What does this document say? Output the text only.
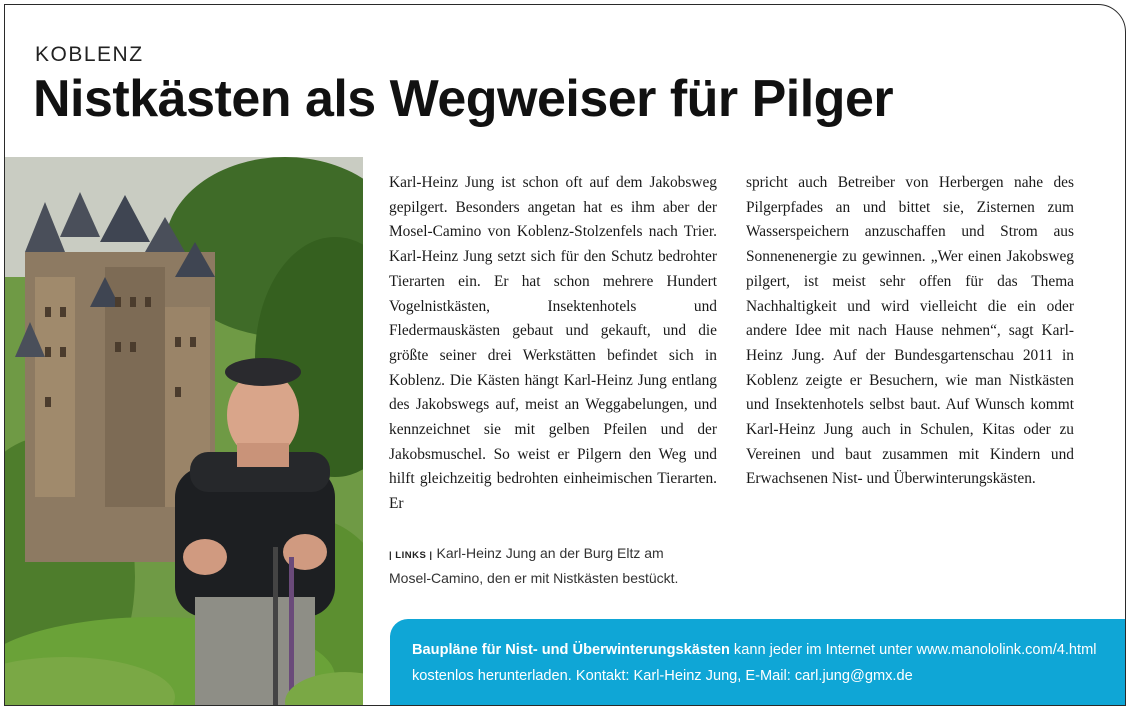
KOBLENZ
Nistkästen als Wegweiser für Pilger

Karl-Heinz Jung ist schon oft auf dem Jakobsweg gepilgert. Besonders angetan hat es ihm aber der Mosel-Camino von Koblenz-Stolzenfels nach Trier. Karl-Heinz Jung setzt sich für den Schutz bedrohter Tierarten ein. Er hat schon mehrere Hundert Vogelnistkästen, Insektenhotels und Fledermauskästen gebaut und gekauft, und die größte seiner drei Werkstätten befindet sich in Koblenz. Die Kästen hängt Karl-Heinz Jung entlang des Jakobswegs auf, meist an Weggabelungen, und kennzeichnet sie mit gelben Pfeilen und der Jakobsmuschel. So weist er Pilgern den Weg und hilft gleichzeitig bedrohten einheimischen Tierarten. Er

spricht auch Betreiber von Herbergen nahe des Pilgerpfades an und bittet sie, Zisternen zum Wasserspeichern anzuschaffen und Strom aus Sonnenenergie zu gewinnen. „Wer einen Jakobsweg pilgert, ist meist sehr offen für das Thema Nachhaltigkeit und wird vielleicht die ein oder andere Idee mit nach Hause nehmen“, sagt Karl-Heinz Jung. Auf der Bundesgartenschau 2011 in Koblenz zeigte er Besuchern, wie man Nistkästen und Insektenhotels selbst baut. Auf Wunsch kommt Karl-Heinz Jung auch in Schulen, Kitas oder zu Vereinen und baut zusammen mit Kindern und Erwachsenen Nist- und Überwinterungskästen.

| LINKS | Karl-Heinz Jung an der Burg Eltz am Mosel-Camino, den er mit Nistkästen bestückt.
Baupläne für Nist- und Überwinterungskästen kann jeder im Internet unter www.manololink.com/4.html kostenlos herunterladen. Kontakt: Karl-Heinz Jung, E-Mail: carl.jung@gmx.de
